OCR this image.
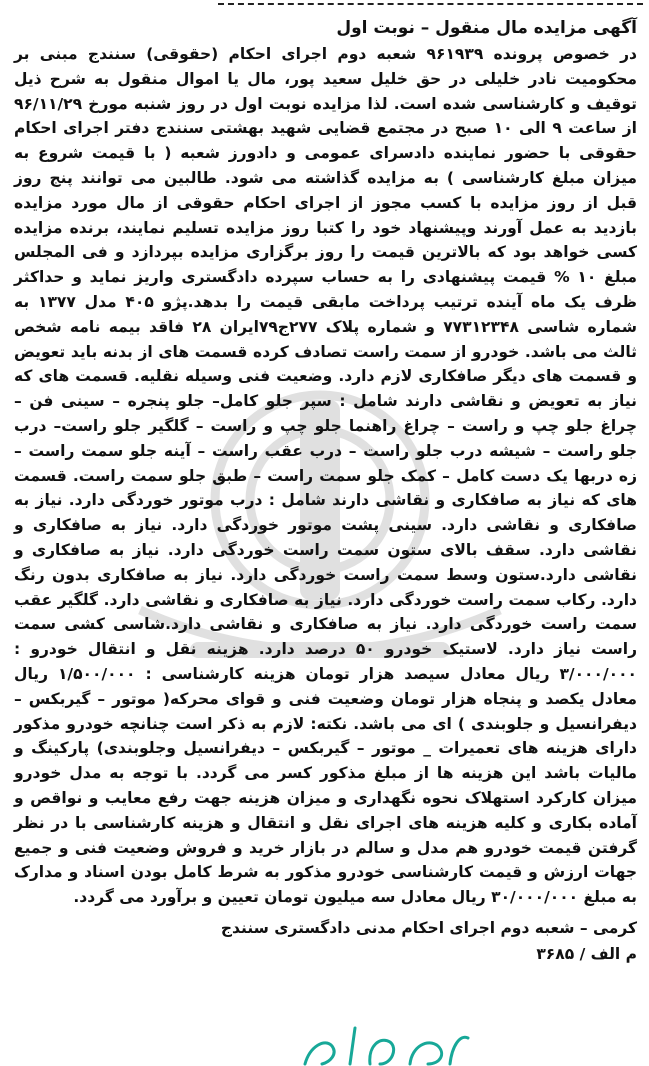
آگهی مزایده مال منقول – نوبت اول

در خصوص پرونده ۹۶۱۹۳۹ شعبه دوم اجرای احکام (حقوقی) سنندج مبنی بر محکومیت نادر خلیلی در حق خلیل سعید پور، مال یا اموال منقول به شرح ذیل توقیف و کارشناسی شده است. لذا مزایده نوبت اول در روز شنبه مورخ ۹۶/۱۱/۲۹ از ساعت ۹ الی ۱۰ صبح در مجتمع قضایی شهید بهشتی سنندج دفتر اجرای احکام حقوقی با حضور نماینده دادسرای عمومی و دادورز شعبه ( با قیمت شروع به میزان مبلغ کارشناسی ) به مزایده گذاشته می شود. طالبین می توانند پنج روز قبل از روز مزایده با کسب مجوز از اجرای احکام حقوقی از مال مورد مزایده بازدید به عمل آورند وپیشنهاد خود را کتبا روز مزایده تسلیم نمایند، برنده مزایده کسی خواهد بود که بالاترین قیمت را روز برگزاری مزایده بپردازد و فی المجلس مبلغ ۱۰ % قیمت پیشنهادی را به حساب سپرده دادگستری واریز نماید و حداکثر ظرف یک ماه آینده ترتیب پرداخت مابقی قیمت را بدهد.پژو ۴۰۵ مدل ۱۳۷۷ به شماره شاسی ۷۷۳۱۲۳۴۸ و شماره پلاک ۲۷۷ج۷۹ایران ۲۸ فاقد بیمه نامه شخص ثالث می باشد. خودرو از سمت راست تصادف کرده قسمت های از بدنه باید تعویض و قسمت های دیگر صافکاری لازم دارد. وضعیت فنی وسیله نقلیه. قسمت های که نیاز به تعویض و نقاشی دارند شامل : سپر جلو کامل– جلو پنجره – سینی فن – چراغ جلو چپ و راست – چراغ راهنما جلو چپ و راست – گلگیر جلو راست– درب جلو راست – شیشه درب جلو راست – درب عقب راست – آینه جلو سمت راست – زه دربها یک دست کامل – کمک جلو سمت راست – طبق جلو سمت راست. قسمت های که نیاز به صافکاری و نقاشی دارند شامل : درب موتور خوردگی دارد. نیاز به صافکاری و نقاشی دارد. سینی پشت موتور خوردگی دارد. نیاز به صافکاری و نقاشی دارد. سقف بالای ستون سمت راست خوردگی دارد. نیاز به صافکاری و نقاشی دارد.ستون وسط سمت راست خوردگی دارد. نیاز به صافکاری بدون رنگ دارد. رکاب سمت راست خوردگی دارد. نیاز به صافکاری و نقاشی دارد. گلگیر عقب سمت راست خوردگی دارد. نیاز به صافکاری و نقاشی دارد.شاسی کشی سمت راست نیاز دارد. لاستیک خودرو ۵۰ درصد دارد. هزینه نقل و انتقال خودرو : ۳/۰۰۰/۰۰۰ ریال معادل سیصد هزار تومان هزینه کارشناسی : ۱/۵۰۰/۰۰۰ ریال معادل یکصد و پنجاه هزار تومان وضعیت فنی و قوای محرکه( موتور – گیربکس – دیفرانسیل و جلوبندی ) ای می باشد. نکته: لازم به ذکر است چنانچه خودرو مذکور دارای هزینه های تعمیرات _ موتور – گیربکس – دیفرانسیل وجلوبندی) پارکینگ و مالیات باشد این هزینه ها از مبلغ مذکور کسر می گردد. با توجه به مدل خودرو میزان کارکرد استهلاک نحوه نگهداری و میزان هزینه جهت رفع معایب و نواقص و آماده بکاری و کلیه هزینه های اجرای نقل و انتقال و هزینه کارشناسی با در نظر گرفتن قیمت خودرو هم مدل و سالم در بازار خرید و فروش وضعیت فنی و جمیع جهات ارزش و قیمت کارشناسی خودرو مذکور به شرط کامل بودن اسناد و مدارک به مبلغ ۳۰/۰۰۰/۰۰۰ ریال معادل سه میلیون تومان تعیین و برآورد می گردد.

کرمی – شعبه دوم اجرای احکام مدنی دادگستری سنندج

م الف / ۳۶۸۵
